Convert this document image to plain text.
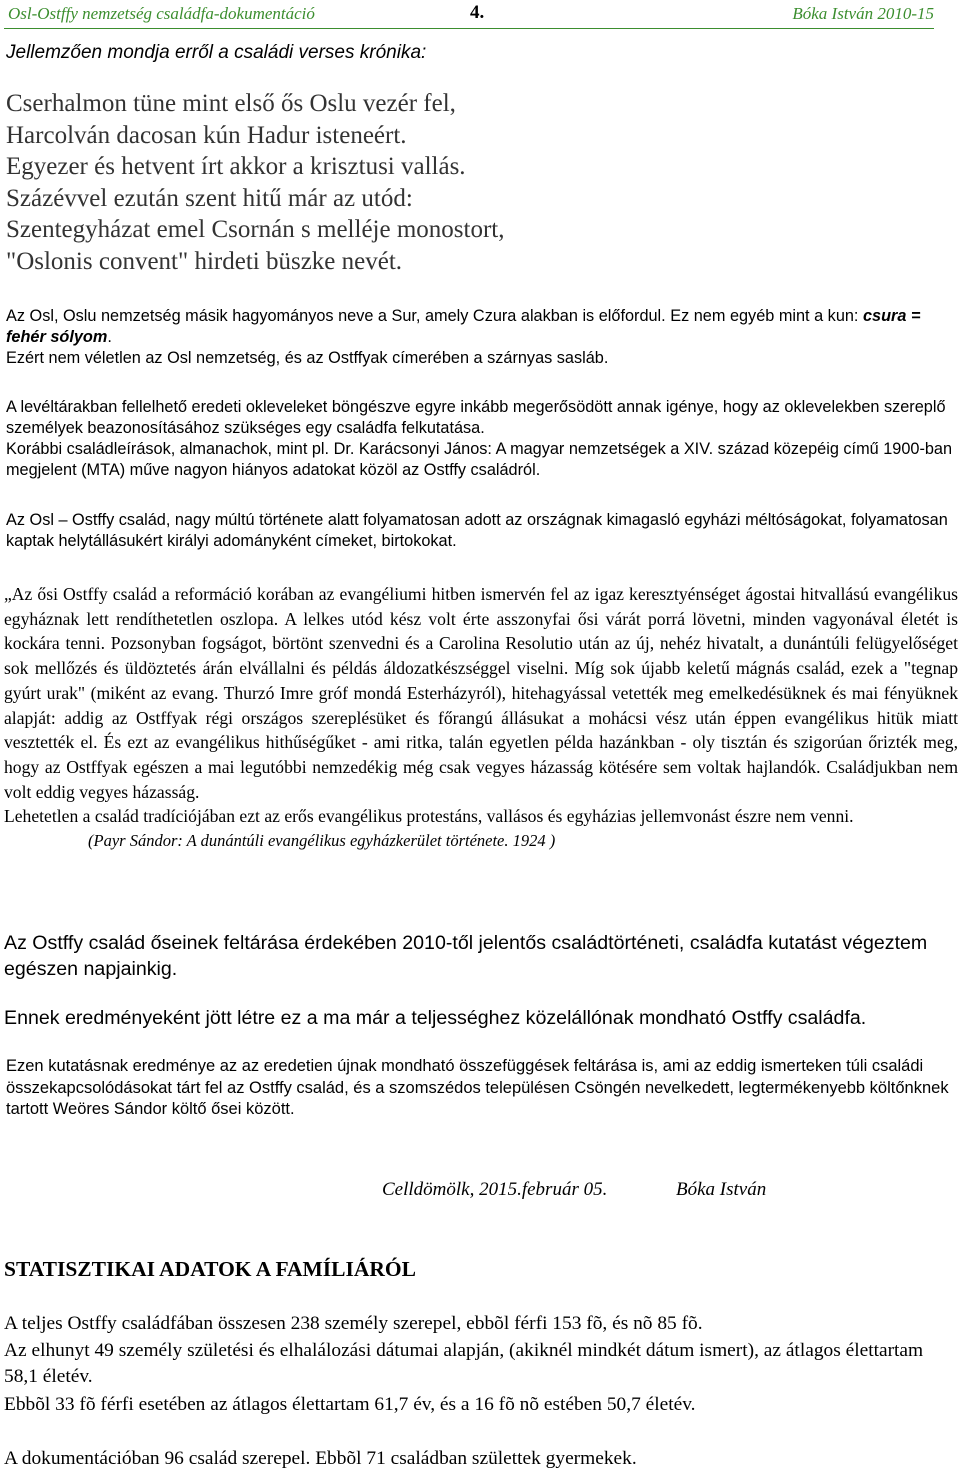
Osl-Ostffy nemzetség családfa-dokumentáció	4.	Bóka István 2010-15
Jellemzően mondja erről a családi verses krónika:
Cserhalmon tüne mint első ős Oslu vezér fel,
Harcolván dacosan kún Hadur isteneért.
Egyezer és hetvent írt akkor a krisztusi vallás.
Százévvel ezután szent hitű már az utód:
Szentegyházat emel Csornán s melléje monostort,
"Oslonis convent" hirdeti büszke nevét.
Az Osl, Oslu nemzetség másik hagyományos neve a Sur, amely Czura alakban is előfordul. Ez nem egyéb mint a kun: csura = fehér sólyom.
Ezért nem véletlen az Osl nemzetség, és az Ostffyak címerében a szárnyas sasláb.
A levéltárakban fellelhető eredeti okleveleket böngészve egyre inkább megerősödött annak igénye, hogy az oklevelekben szereplő személyek beazonosításához szükséges egy családfa felkutatása.
Korábbi családleírások, almanachok, mint pl. Dr. Karácsonyi János: A magyar nemzetségek a XIV. század közepéig című 1900-ban megjelent (MTA) műve nagyon hiányos adatokat közöl az Ostffy családról.
Az Osl – Ostffy család, nagy múltú története alatt folyamatosan adott az országnak kimagasló egyházi méltóságokat, folyamatosan kaptak helytállásukért királyi adományként címeket, birtokokat.
„Az ősi Ostffy család a reformáció korában az evangéliumi hitben ismervén fel az igaz keresztyénséget ágostai hitvallású evangélikus egyháznak lett rendíthetetlen oszlopa. A lelkes utód kész volt érte asszonyfai ősi várát porrá lövetni, minden vagyonával életét is kockára tenni. Pozsonyban fogságot, börtönt szenvedni és a Carolina Resolutio után az új, nehéz hivatalt, a dunántúli felügyelőséget sok mellőzés és üldöztetés árán elvállalni és példás áldozatkészséggel viselni. Míg sok újabb keletű mágnás család, ezek a "tegnap gyúrt urak" (miként az evang. Thurzó Imre gróf mondá Esterházyról), hitehagyással vetették meg emelkedésüknek és mai fényüknek alapját: addig az Ostffyak régi országos szereplésüket és főrangú állásukat a mohácsi vész után éppen evangélikus hitük miatt vesztették el. És ezt az evangélikus hithűségűket - ami ritka, talán egyetlen példa hazánkban - oly tisztán és szigorúan őrizték meg, hogy az Ostffyak egészen a mai legutóbbi nemzedékig még csak vegyes házasság kötésére sem voltak hajlandók. Családjukban nem volt eddig vegyes házasság.
Lehetetlen a család tradíciójában ezt az erős evangélikus protestáns, vallásos és egyházias jellemvonást észre nem venni.
(Payr Sándor: A dunántúli evangélikus egyházkerület története. 1924 )
Az Ostffy család őseinek feltárása érdekében 2010-től jelentős családtörténeti, családfa kutatást végeztem egészen napjainkig.
Ennek eredményeként jött létre ez a ma már a teljességhez közelállónak mondható Ostffy családfa.
Ezen kutatásnak eredménye az az eredetien újnak mondható összefüggések feltárása is, ami az eddig ismerteken túli családi összekapcsolódásokat tárt fel az Ostffy család, és a szomszédos településen Csöngén nevelkedett, legtermékenyebb költőnknek tartott Weöres Sándor költő ősei között.
Celldömölk, 2015.február 05.	Bóka István
STATISZTIKAI ADATOK A FAMÍLIÁRÓL
A teljes Ostffy családfában összesen 238 személy szerepel, ebbõl férfi 153 fõ, és nõ 85 fõ.
Az elhunyt 49 személy születési és elhalálozási dátumai alapján, (akiknél mindkét dátum ismert), az átlagos élettartam 58,1 életév.
Ebbõl 33 fõ férfi esetében az átlagos élettartam 61,7 év, és a 16 fõ nõ estében 50,7 életév.
A dokumentációban 96 család szerepel. Ebbõl 71 családban születtek gyermekek.
